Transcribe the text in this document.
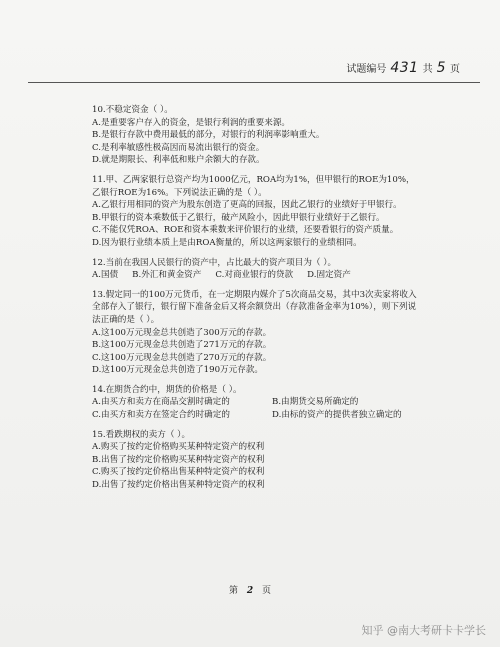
试题编号 431 共 5 页
10.不稳定资金（ ）。
A.是重要客户存入的资金，是银行利润的重要来源。
B.是银行存款中费用最低的部分，对银行的利润率影响重大。
C.是利率敏感性极高因而易流出银行的资金。
D.就是期限长、利率低和账户余额大的存款。
11.甲、乙两家银行总资产均为1000亿元，ROA均为1%，但甲银行的ROE为10%，乙银行ROE为16%。下列说法正确的是（ ）。
A.乙银行用相同的资产为股东创造了更高的回报，因此乙银行的业绩好于甲银行。
B.甲银行的资本乘数低于乙银行，破产风险小，因此甲银行业绩好于乙银行。
C.不能仅凭ROA、ROE和资本乘数来评价银行的业绩，还要看银行的资产质量。
D.因为银行业绩本质上是由ROA衡量的，所以这两家银行的业绩相同。
12.当前在我国人民银行的资产中，占比最大的资产项目为（ ）。
A.国债 B.外汇和黄金资产 C.对商业银行的贷款 D.固定资产
13.假定同一的100万元货币，在一定期限内媒介了5次商品交易，其中3次卖家将收入全部存入了银行，银行留下准备金后又将余额贷出（存款准备金率为10%），则下列说法正确的是（ ）。
A.这100万元现金总共创造了300万元的存款。
B.这100万元现金总共创造了271万元的存款。
C.这100万元现金总共创造了270万元的存款。
D.这100万元现金总共创造了190万元存款。
14.在期货合约中，期货的价格是（ ）。
A.由买方和卖方在商品交割时确定的	B.由期货交易所确定的
C.由买方和卖方在签定合约时确定的	D.由标的资产的提供者独立确定的
15.看跌期权的卖方（ ）。
A.购买了按约定价格购买某种特定资产的权利
B.出售了按约定价格购买某种特定资产的权利
C.购买了按约定价格出售某种特定资产的权利
D.出售了按约定价格出售某种特定资产的权利
第 2 页
知乎 @南大考研卡卡学长
